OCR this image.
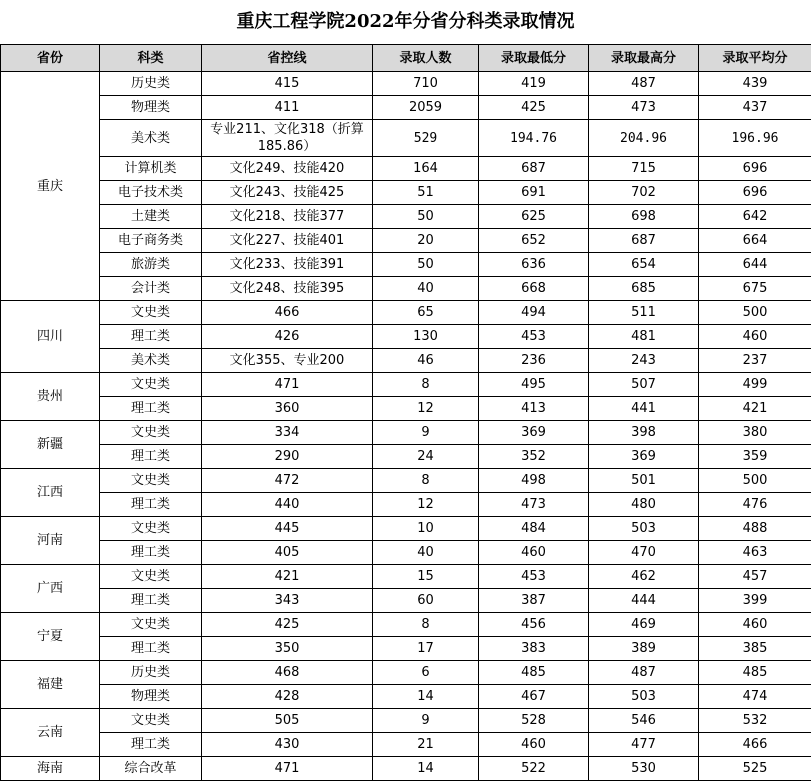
重庆工程学院2022年分省分科类录取情况
省份	科类	省控线	录取人数	录取最低分	录取最高分	录取平均分
重庆	历史类	415	710	419	487	439
	物理类	411	2059	425	473	437
	美术类	专业211、文化318（折算185.86）	529	194.76	204.96	196.96
	计算机类	文化249、技能420	164	687	715	696
	电子技术类	文化243、技能425	51	691	702	696
	土建类	文化218、技能377	50	625	698	642
	电子商务类	文化227、技能401	20	652	687	664
	旅游类	文化233、技能391	50	636	654	644
	会计类	文化248、技能395	40	668	685	675
四川	文史类	466	65	494	511	500
	理工类	426	130	453	481	460
	美术类	文化355、专业200	46	236	243	237
贵州	文史类	471	8	495	507	499
	理工类	360	12	413	441	421
新疆	文史类	334	9	369	398	380
	理工类	290	24	352	369	359
江西	文史类	472	8	498	501	500
	理工类	440	12	473	480	476
河南	文史类	445	10	484	503	488
	理工类	405	40	460	470	463
广西	文史类	421	15	453	462	457
	理工类	343	60	387	444	399
宁夏	文史类	425	8	456	469	460
	理工类	350	17	383	389	385
福建	历史类	468	6	485	487	485
	物理类	428	14	467	503	474
云南	文史类	505	9	528	546	532
	理工类	430	21	460	477	466
海南	综合改革	471	14	522	530	525
